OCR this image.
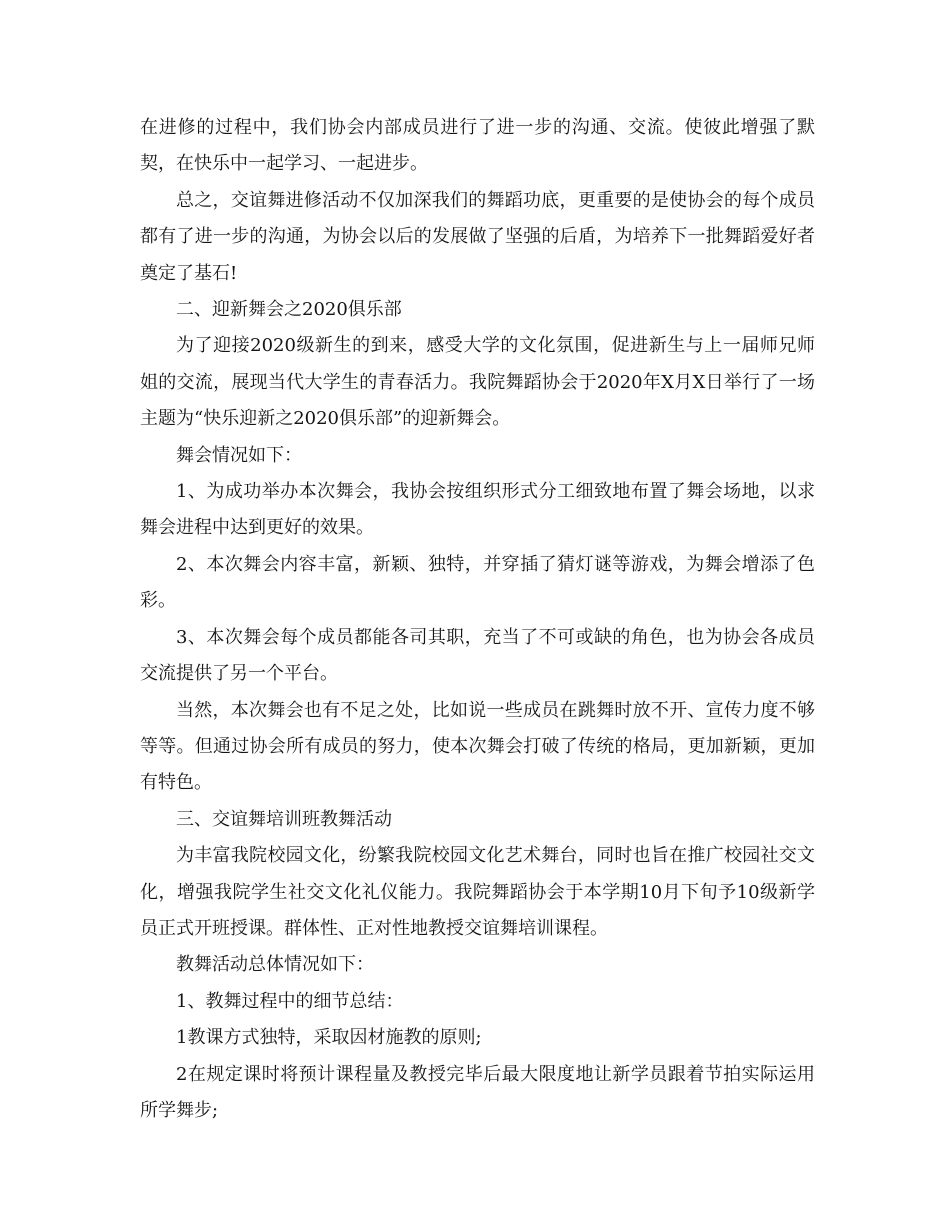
在进修的过程中，我们协会内部成员进行了进一步的沟通、交流。使彼此增强了默契，在快乐中一起学习、一起进步。

总之，交谊舞进修活动不仅加深我们的舞蹈功底，更重要的是使协会的每个成员都有了进一步的沟通，为协会以后的发展做了坚强的后盾，为培养下一批舞蹈爱好者奠定了基石!

二、迎新舞会之2020俱乐部

为了迎接2020级新生的到来，感受大学的文化氛围，促进新生与上一届师兄师姐的交流，展现当代大学生的青春活力。我院舞蹈协会于2020年X月X日举行了一场主题为“快乐迎新之2020俱乐部”的迎新舞会。

舞会情况如下：

1、为成功举办本次舞会，我协会按组织形式分工细致地布置了舞会场地，以求舞会进程中达到更好的效果。

2、本次舞会内容丰富，新颖、独特，并穿插了猜灯谜等游戏，为舞会增添了色彩。

3、本次舞会每个成员都能各司其职，充当了不可或缺的角色，也为协会各成员交流提供了另一个平台。

当然，本次舞会也有不足之处，比如说一些成员在跳舞时放不开、宣传力度不够等等。但通过协会所有成员的努力，使本次舞会打破了传统的格局，更加新颖，更加有特色。

三、交谊舞培训班教舞活动

为丰富我院校园文化，纷繁我院校园文化艺术舞台，同时也旨在推广校园社交文化，增强我院学生社交文化礼仪能力。我院舞蹈协会于本学期10月下旬予10级新学员正式开班授课。群体性、正对性地教授交谊舞培训课程。

教舞活动总体情况如下：

1、教舞过程中的细节总结：

1教课方式独特，采取因材施教的原则;

2在规定课时将预计课程量及教授完毕后最大限度地让新学员跟着节拍实际运用所学舞步;
